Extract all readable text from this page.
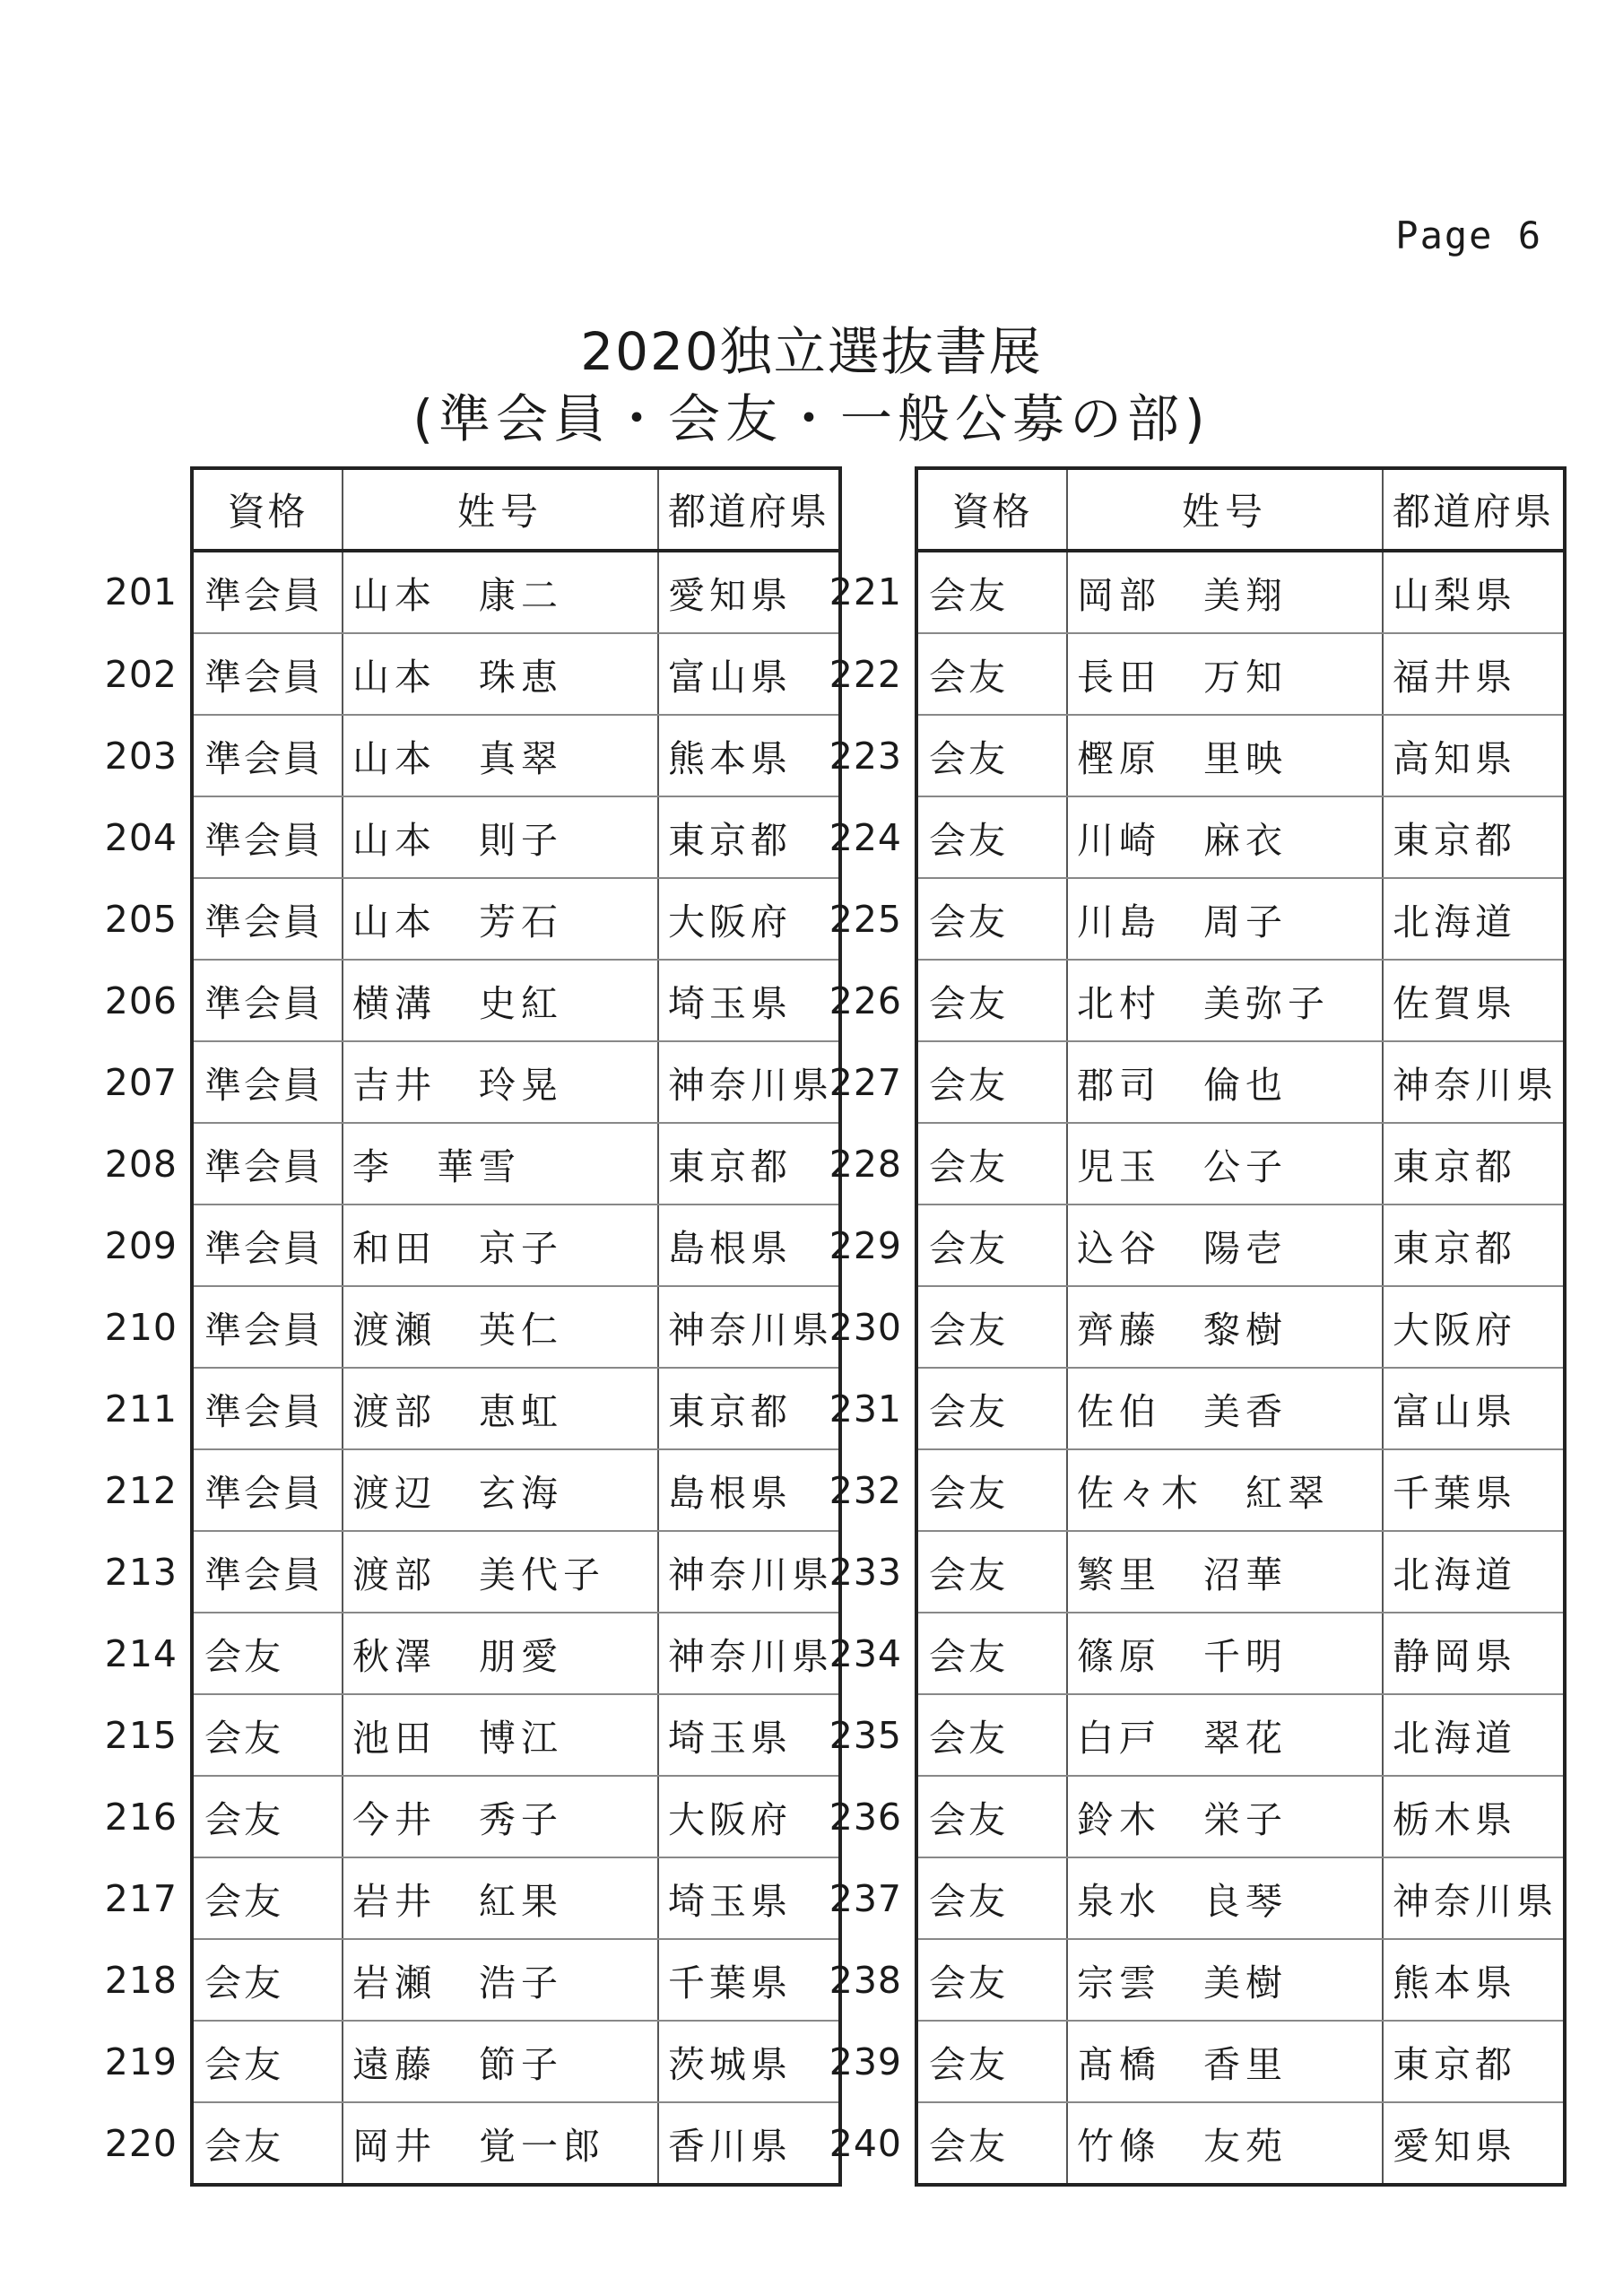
Page 6
2020独立選抜書展
(準会員・会友・一般公募の部)
	資格	姓号	都道府県
201	準会員	山本　康二	愛知県
202	準会員	山本　珠恵	富山県
203	準会員	山本　真翠	熊本県
204	準会員	山本　則子	東京都
205	準会員	山本　芳石	大阪府
206	準会員	横溝　史紅	埼玉県
207	準会員	吉井　玲晃	神奈川県
208	準会員	李　華雪	東京都
209	準会員	和田　京子	島根県
210	準会員	渡瀬　英仁	神奈川県
211	準会員	渡部　恵虹	東京都
212	準会員	渡辺　玄海	島根県
213	準会員	渡部　美代子	神奈川県
214	会友	秋澤　朋愛	神奈川県
215	会友	池田　博江	埼玉県
216	会友	今井　秀子	大阪府
217	会友	岩井　紅果	埼玉県
218	会友	岩瀬　浩子	千葉県
219	会友	遠藤　節子	茨城県
220	会友	岡井　覚一郎	香川県
	資格	姓号	都道府県
221	会友	岡部　美翔	山梨県
222	会友	長田　万知	福井県
223	会友	樫原　里映	高知県
224	会友	川崎　麻衣	東京都
225	会友	川島　周子	北海道
226	会友	北村　美弥子	佐賀県
227	会友	郡司　倫也	神奈川県
228	会友	児玉　公子	東京都
229	会友	込谷　陽壱	東京都
230	会友	齊藤　黎樹	大阪府
231	会友	佐伯　美香	富山県
232	会友	佐々木　紅翠	千葉県
233	会友	繁里　沼華	北海道
234	会友	篠原　千明	静岡県
235	会友	白戸　翠花	北海道
236	会友	鈴木　栄子	栃木県
237	会友	泉水　良琴	神奈川県
238	会友	宗雲　美樹	熊本県
239	会友	髙橋　香里	東京都
240	会友	竹條　友苑	愛知県
